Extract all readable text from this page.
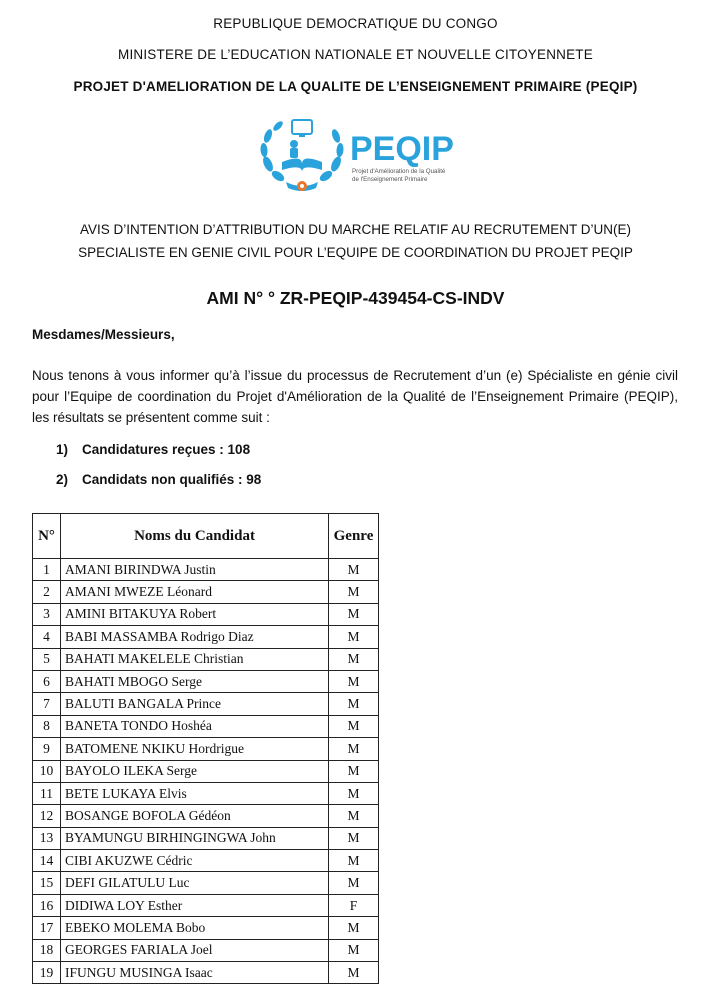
REPUBLIQUE DEMOCRATIQUE DU CONGO
MINISTERE DE L’EDUCATION NATIONALE ET NOUVELLE CITOYENNETE
PROJET D'AMELIORATION DE LA QUALITE DE L’ENSEIGNEMENT PRIMAIRE (PEQIP)
PEQIP
Projet d'Amélioration de la Qualité
de l'Enseignement Primaire
AVIS D’INTENTION D’ATTRIBUTION DU MARCHE RELATIF AU RECRUTEMENT D’UN(E)
SPECIALISTE EN GENIE CIVIL POUR L’EQUIPE DE COORDINATION DU PROJET PEQIP
AMI N° ° ZR-PEQIP-439454-CS-INDV
Mesdames/Messieurs,
Nous tenons à vous informer qu’à l’issue du processus de Recrutement d’un (e) Spécialiste en génie civil pour l’Equipe de coordination du Projet d'Amélioration de la Qualité de l’Enseignement Primaire (PEQIP), les résultats se présentent comme suit :
1) Candidatures reçues : 108
2) Candidats non qualifiés : 98
N°	Noms du Candidat	Genre
1	AMANI BIRINDWA Justin	M
2	AMANI MWEZE Léonard	M
3	AMINI BITAKUYA Robert	M
4	BABI MASSAMBA Rodrigo Diaz	M
5	BAHATI MAKELELE Christian	M
6	BAHATI MBOGO Serge	M
7	BALUTI BANGALA Prince	M
8	BANETA TONDO Hoshéa	M
9	BATOMENE NKIKU Hordrigue	M
10	BAYOLO ILEKA Serge	M
11	BETE LUKAYA Elvis	M
12	BOSANGE BOFOLA Gédéon	M
13	BYAMUNGU BIRHINGINGWA John	M
14	CIBI AKUZWE Cédric	M
15	DEFI GILATULU Luc	M
16	DIDIWA LOY Esther	F
17	EBEKO MOLEMA Bobo	M
18	GEORGES FARIALA Joel	M
19	IFUNGU MUSINGA Isaac	M
